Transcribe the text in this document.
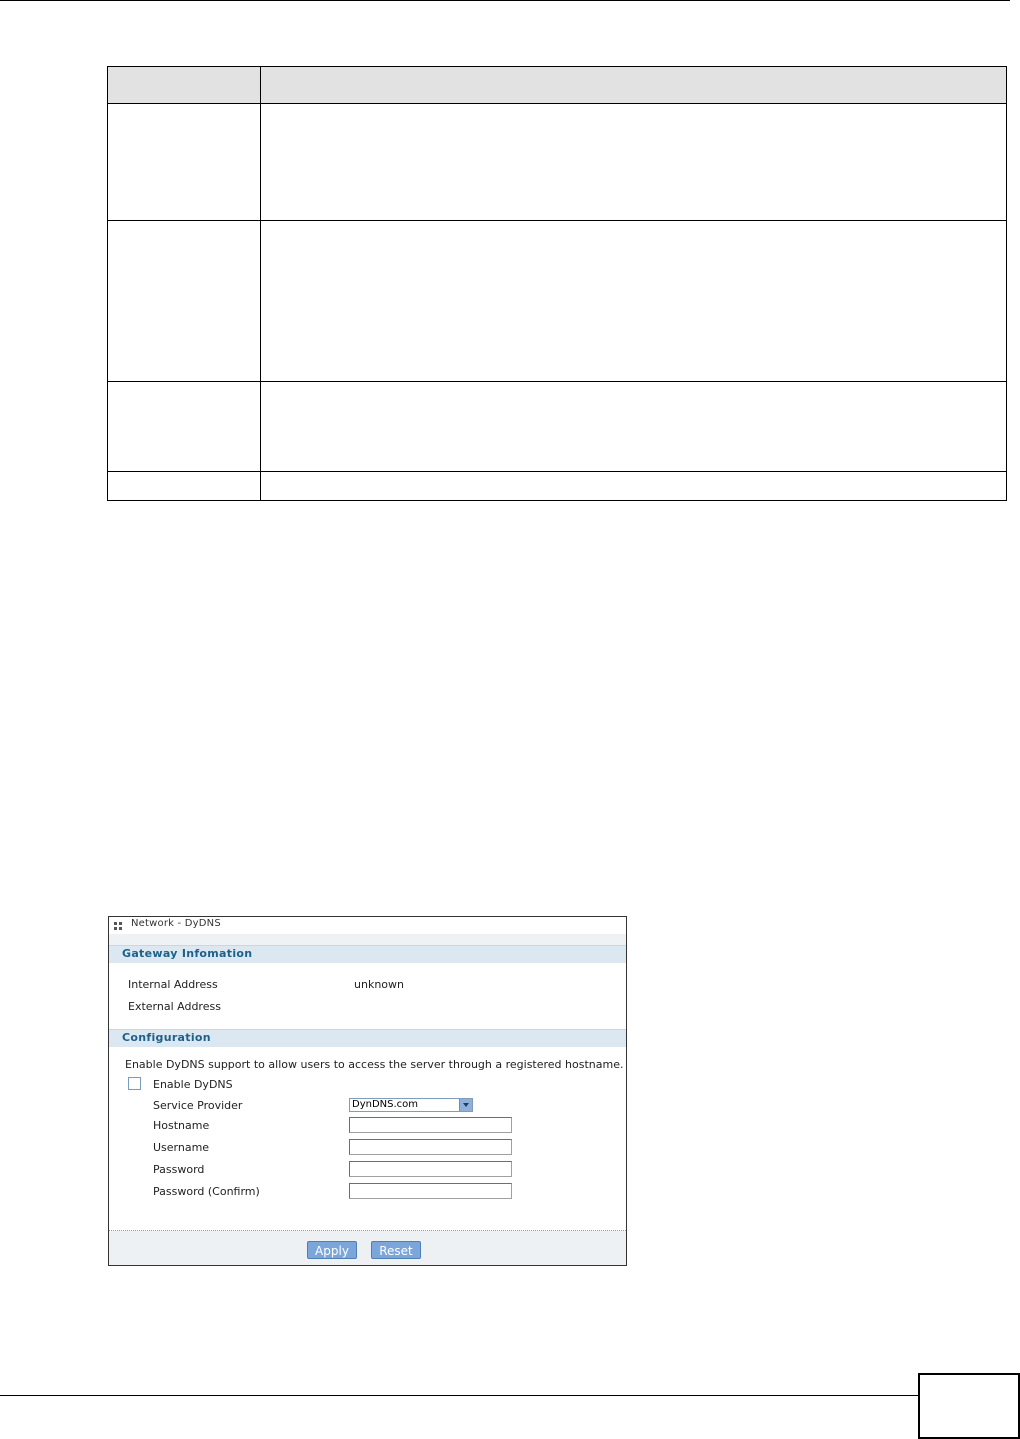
Network - DyDNS
Gateway Infomation
Internal Address	unknown
External Address
Configuration
Enable DyDNS support to allow users to access the server through a registered hostname.
Enable DyDNS
Service Provider	DynDNS.com
Hostname
Username
Password
Password (Confirm)
Apply	Reset
